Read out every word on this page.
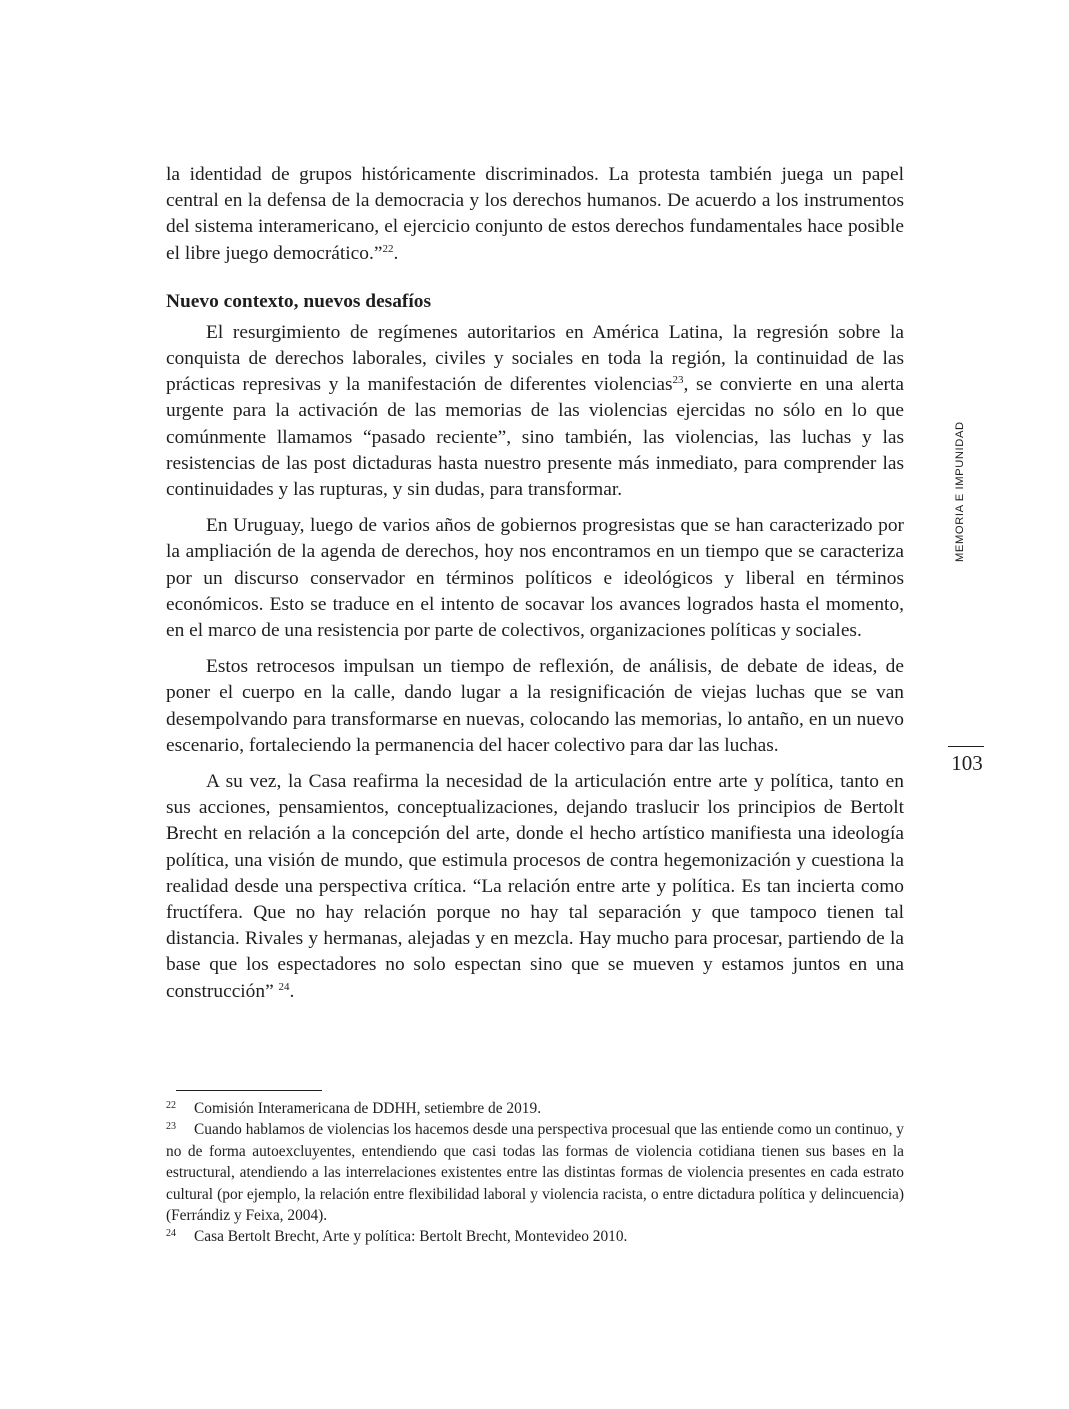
la identidad de grupos históricamente discriminados. La protesta también juega un papel central en la defensa de la democracia y los derechos humanos. De acuerdo a los instrumentos del sistema interamericano, el ejercicio conjunto de estos derechos fundamentales hace posible el libre juego democrático.”$^{22}$.

Nuevo contexto, nuevos desafíos

El resurgimiento de regímenes autoritarios en América Latina, la regresión sobre la conquista de derechos laborales, civiles y sociales en toda la región, la continuidad de las prácticas represivas y la manifestación de diferentes violencias$^{23}$, se convierte en una alerta urgente para la activación de las memorias de las violencias ejercidas no sólo en lo que comúnmente llamamos “pasado reciente”, sino también, las violencias, las luchas y las resistencias de las post dictaduras hasta nuestro presente más inmediato, para comprender las continuidades y las rupturas, y sin dudas, para transformar.

En Uruguay, luego de varios años de gobiernos progresistas que se han caracterizado por la ampliación de la agenda de derechos, hoy nos encontramos en un tiempo que se caracteriza por un discurso conservador en términos políticos e ideológicos y liberal en términos económicos. Esto se traduce en el intento de socavar los avances logrados hasta el momento, en el marco de una resistencia por parte de colectivos, organizaciones políticas y sociales.

Estos retrocesos impulsan un tiempo de reflexión, de análisis, de debate de ideas, de poner el cuerpo en la calle, dando lugar a la resignificación de viejas luchas que se van desempolvando para transformarse en nuevas, colocando las memorias, lo antaño, en un nuevo escenario, fortaleciendo la permanencia del hacer colectivo para dar las luchas.

A su vez, la Casa reafirma la necesidad de la articulación entre arte y política, tanto en sus acciones, pensamientos, conceptualizaciones, dejando traslucir los principios de Bertolt Brecht en relación a la concepción del arte, donde el hecho artístico manifiesta una ideología política, una visión de mundo, que estimula procesos de contra hegemonización y cuestiona la realidad desde una perspectiva crítica. “La relación entre arte y política. Es tan incierta como fructífera. Que no hay relación porque no hay tal separación y que tampoco tienen tal distancia. Rivales y hermanas, alejadas y en mezcla. Hay mucho para procesar, partiendo de la base que los espectadores no solo espectan sino que se mueven y estamos juntos en una construcción” $^{24}$.

22 Comisión Interamericana de DDHH, setiembre de 2019.

23 Cuando hablamos de violencias los hacemos desde una perspectiva procesual que las entiende como un continuo, y no de forma autoexcluyentes, entendiendo que casi todas las formas de violencia cotidiana tienen sus bases en la estructural, atendiendo a las interrelaciones existentes entre las distintas formas de violencia presentes en cada estrato cultural (por ejemplo, la relación entre flexibilidad laboral y violencia racista, o entre dictadura política y delincuencia) (Ferrándiz y Feixa, 2004).

24 Casa Bertolt Brecht, Arte y política: Bertolt Brecht, Montevideo 2010.

MEMORIA E IMPUNIDAD
103
